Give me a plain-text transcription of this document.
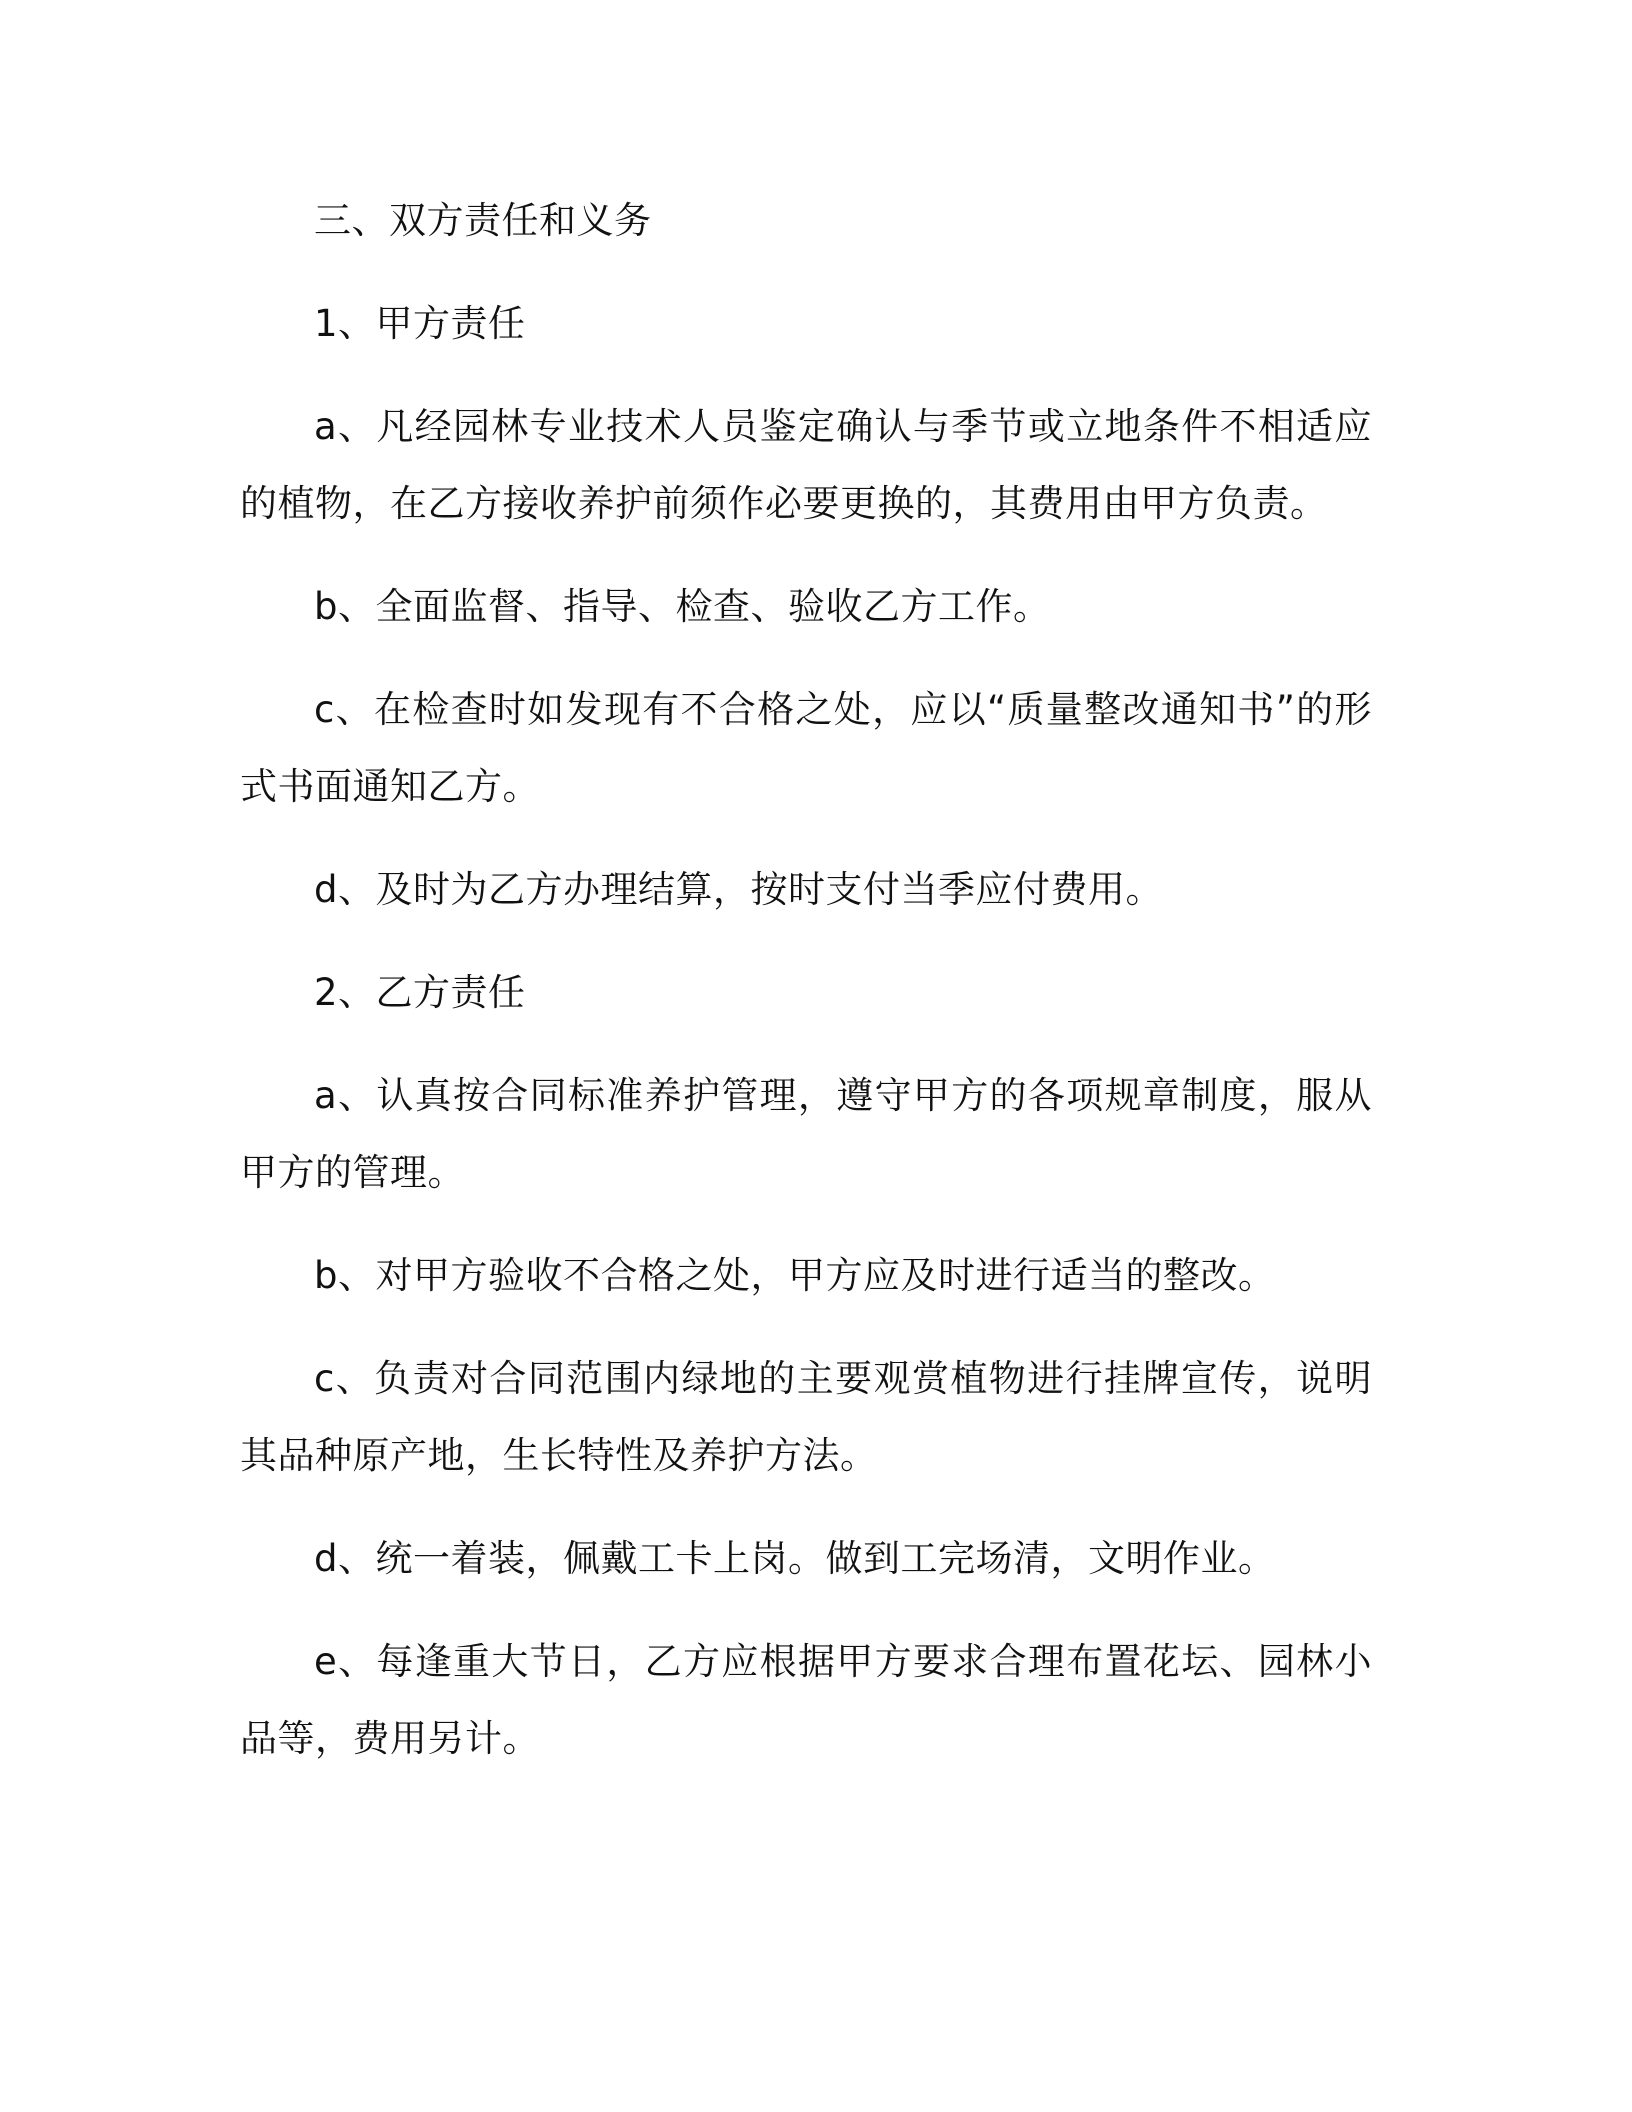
三、双方责任和义务

1、甲方责任

a、凡经园林专业技术人员鉴定确认与季节或立地条件不相适应的植物，在乙方接收养护前须作必要更换的，其费用由甲方负责。

b、全面监督、指导、检查、验收乙方工作。

c、在检查时如发现有不合格之处，应以“质量整改通知书”的形式书面通知乙方。

d、及时为乙方办理结算，按时支付当季应付费用。

2、乙方责任

a、认真按合同标准养护管理，遵守甲方的各项规章制度，服从甲方的管理。

b、对甲方验收不合格之处，甲方应及时进行适当的整改。

c、负责对合同范围内绿地的主要观赏植物进行挂牌宣传，说明其品种原产地，生长特性及养护方法。

d、统一着装，佩戴工卡上岗。做到工完场清，文明作业。

e、每逢重大节日，乙方应根据甲方要求合理布置花坛、园林小品等，费用另计。
